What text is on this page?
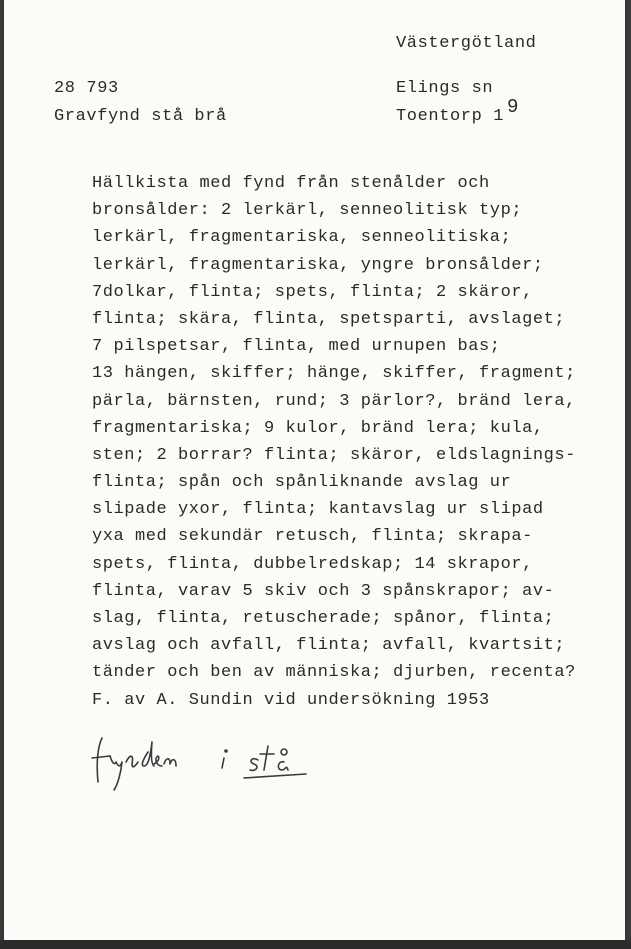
Västergötland
28 793
Gravfynd stå brå
Elings sn
9
Toentorp 1
Hällkista med fynd från stenålder och
bronsålder: 2 lerkärl, senneolitisk typ;
lerkärl, fragmentariska, senneolitiska;
lerkärl, fragmentariska, yngre bronsålder;
7dolkar, flinta; spets, flinta; 2 skäror,
flinta; skära, flinta, spetsparti, avslaget;
7 pilspetsar, flinta, med urnupen bas;
13 hängen, skiffer; hänge, skiffer, fragment;
pärla, bärnsten, rund; 3 pärlor?, bränd lera,
fragmentariska; 9 kulor, bränd lera; kula,
sten; 2 borrar? flinta; skäror, eldslagnings-
flinta; spån och spånliknande avslag ur
slipade yxor, flinta; kantavslag ur slipad
yxa med sekundär retusch, flinta; skrapa-
spets, flinta, dubbelredskap; 14 skrapor,
flinta, varav 5 skiv och 3 spånskrapor; av-
slag, flinta, retuscherade; spånor, flinta;
avslag och avfall, flinta; avfall, kvartsit;
tänder och ben av människa; djurben, recenta?
F. av A. Sundin vid undersökning 1953
